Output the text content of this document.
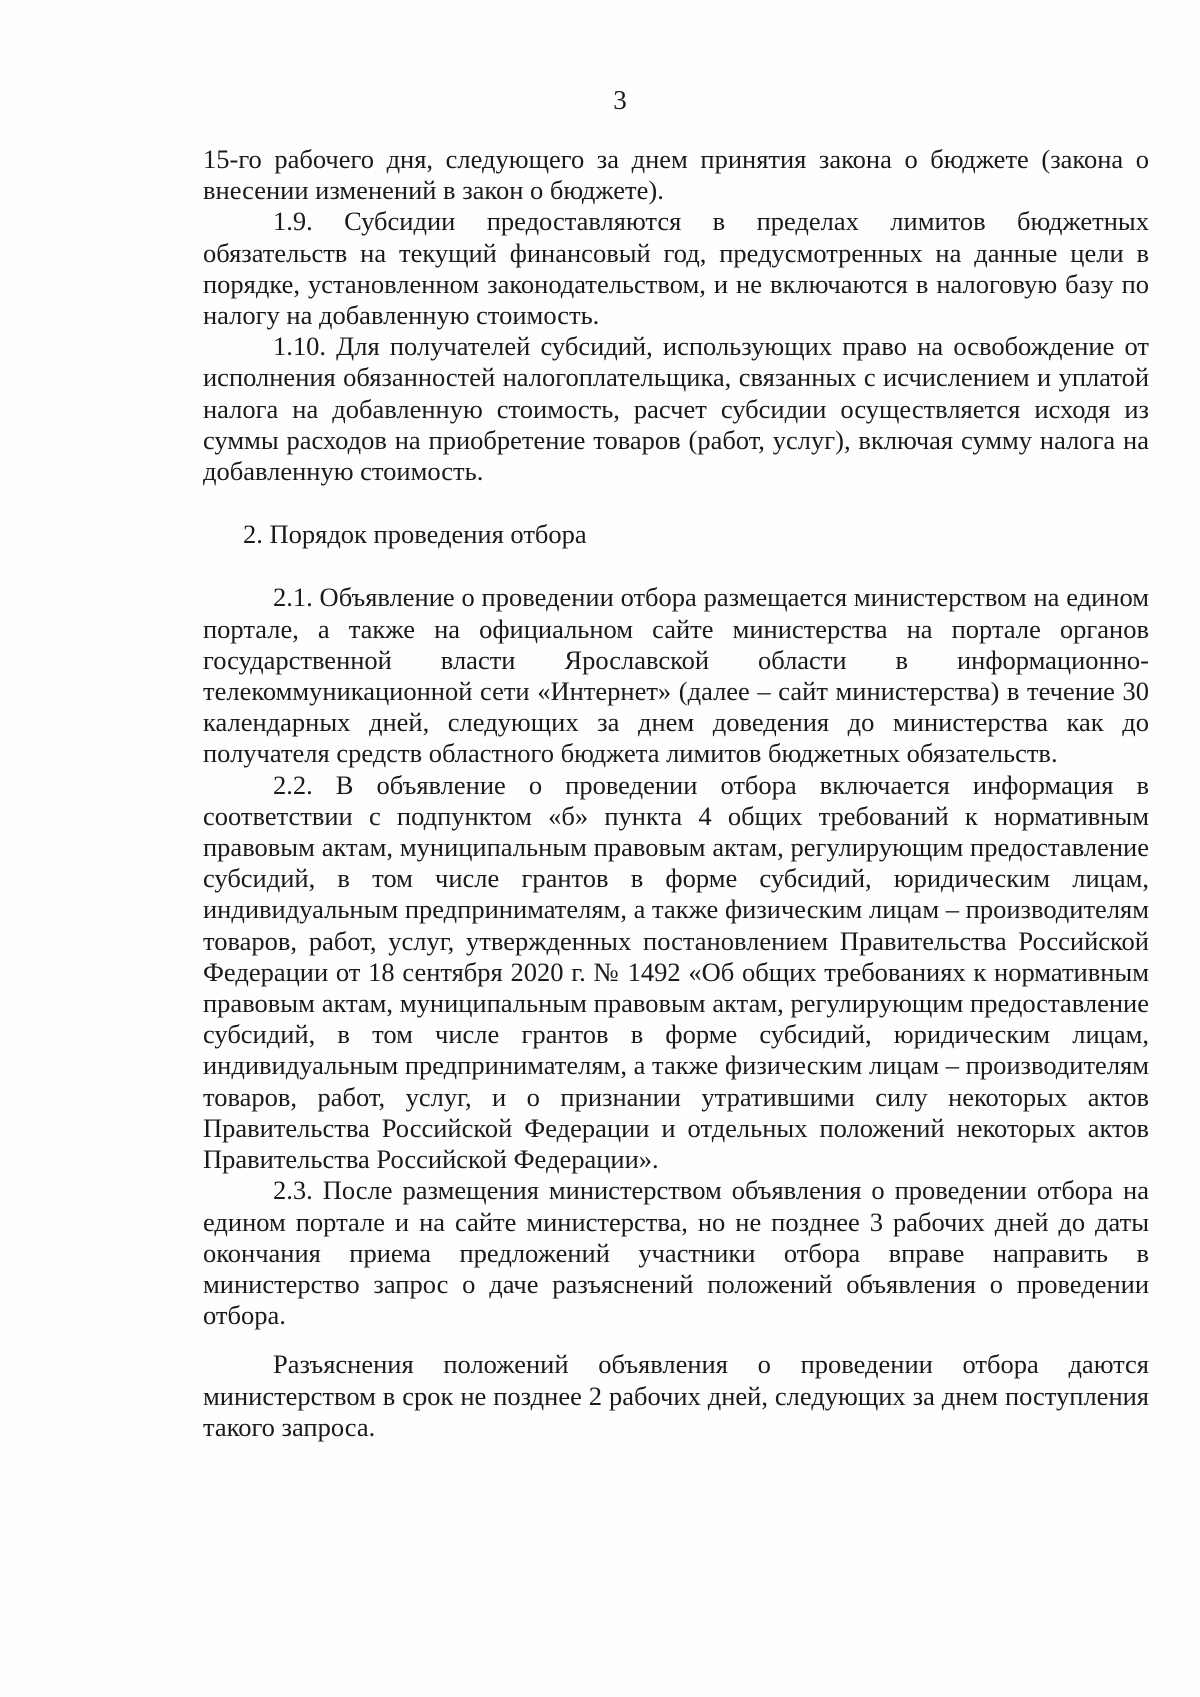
3

15-го рабочего дня, следующего за днем принятия закона о бюджете (закона о внесении изменений в закон о бюджете).

1.9. Субсидии предоставляются в пределах лимитов бюджетных обязательств на текущий финансовый год, предусмотренных на данные цели в порядке, установленном законодательством, и не включаются в налоговую базу по налогу на добавленную стоимость.

1.10. Для получателей субсидий, использующих право на освобождение от исполнения обязанностей налогоплательщика, связанных с исчислением и уплатой налога на добавленную стоимость, расчет субсидии осуществляется исходя из суммы расходов на приобретение товаров (работ, услуг), включая сумму налога на добавленную стоимость.

2. Порядок проведения отбора

2.1. Объявление о проведении отбора размещается министерством на едином портале, а также на официальном сайте министерства на портале органов государственной власти Ярославской области в информационно-телекоммуникационной сети «Интернет» (далее – сайт министерства) в течение 30 календарных дней, следующих за днем доведения до министерства как до получателя средств областного бюджета лимитов бюджетных обязательств.

2.2. В объявление о проведении отбора включается информация в соответствии с подпунктом «б» пункта 4 общих требований к нормативным правовым актам, муниципальным правовым актам, регулирующим предоставление субсидий, в том числе грантов в форме субсидий, юридическим лицам, индивидуальным предпринимателям, а также физическим лицам – производителям товаров, работ, услуг, утвержденных постановлением Правительства Российской Федерации от 18 сентября 2020 г. № 1492 «Об общих требованиях к нормативным правовым актам, муниципальным правовым актам, регулирующим предоставление субсидий, в том числе грантов в форме субсидий, юридическим лицам, индивидуальным предпринимателям, а также физическим лицам – производителям товаров, работ, услуг, и о признании утратившими силу некоторых актов Правительства Российской Федерации и отдельных положений некоторых актов Правительства Российской Федерации».

2.3. После размещения министерством объявления о проведении отбора на едином портале и на сайте министерства, но не позднее 3 рабочих дней до даты окончания приема предложений участники отбора вправе направить в министерство запрос о даче разъяснений положений объявления о проведении отбора.

Разъяснения положений объявления о проведении отбора даются министерством в срок не позднее 2 рабочих дней, следующих за днем поступления такого запроса.
